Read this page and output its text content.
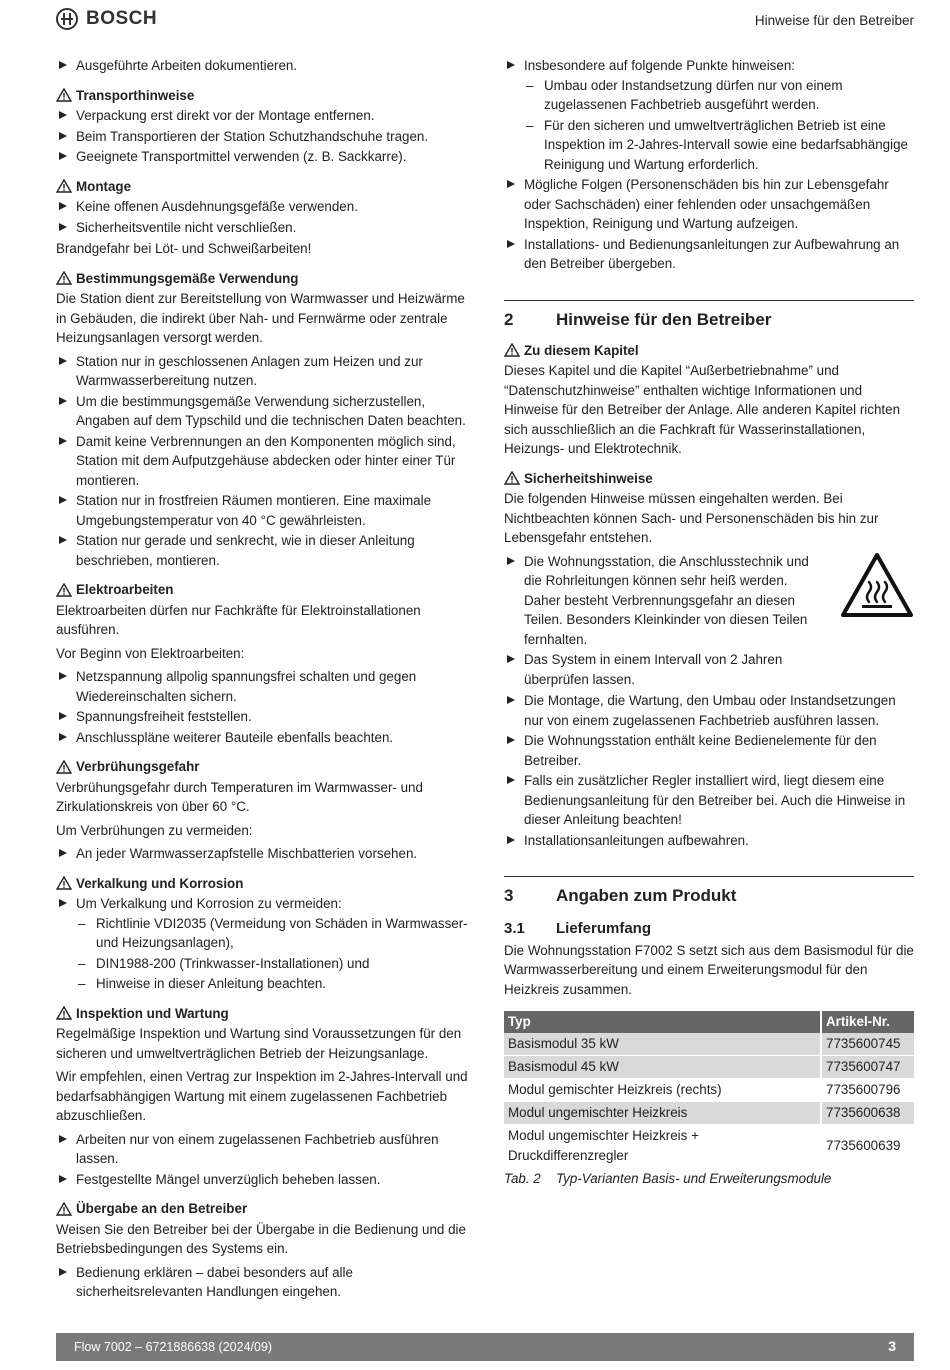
BOSCH	Hinweise für den Betreiber
Ausgeführte Arbeiten dokumentieren.
Transporthinweise
Verpackung erst direkt vor der Montage entfernen.
Beim Transportieren der Station Schutzhandschuhe tragen.
Geeignete Transportmittel verwenden (z. B. Sackkarre).
Montage
Keine offenen Ausdehnungsgefäße verwenden.
Sicherheitsventile nicht verschließen.

Brandgefahr bei Löt- und Schweißarbeiten!

Bestimmungsgemäße Verwendung

Die Station dient zur Bereitstellung von Warmwasser und Heizwärme in Gebäuden, die indirekt über Nah- und Fernwärme oder zentrale Heizungsanlagen versorgt werden.

Station nur in geschlossenen Anlagen zum Heizen und zur Warmwasserbereitung nutzen.
Um die bestimmungsgemäße Verwendung sicherzustellen, Angaben auf dem Typschild und die technischen Daten beachten.
Damit keine Verbrennungen an den Komponenten möglich sind, Station mit dem Aufputzgehäuse abdecken oder hinter einer Tür montieren.
Station nur in frostfreien Räumen montieren. Eine maximale Umgebungstemperatur von 40 °C gewährleisten.
Station nur gerade und senkrecht, wie in dieser Anleitung beschrieben, montieren.
Elektroarbeiten

Elektroarbeiten dürfen nur Fachkräfte für Elektroinstallationen ausführen.

Vor Beginn von Elektroarbeiten:

Netzspannung allpolig spannungsfrei schalten und gegen Wiedereinschalten sichern.
Spannungsfreiheit feststellen.
Anschlusspläne weiterer Bauteile ebenfalls beachten.
Verbrühungsgefahr

Verbrühungsgefahr durch Temperaturen im Warmwasser- und Zirkulationskreis von über 60 °C.

Um Verbrühungen zu vermeiden:

An jeder Warmwasserzapfstelle Mischbatterien vorsehen.
Verkalkung und Korrosion
Um Verkalkung und Korrosion zu vermeiden:
– Richtlinie VDI2035 (Vermeidung von Schäden in Warmwasser- und Heizungsanlagen),
– DIN1988-200 (Trinkwasser-Installationen) und
– Hinweise in dieser Anleitung beachten.
Inspektion und Wartung

Regelmäßige Inspektion und Wartung sind Voraussetzungen für den sicheren und umweltverträglichen Betrieb der Heizungsanlage.

Wir empfehlen, einen Vertrag zur Inspektion im 2-Jahres-Intervall und bedarfsabhängigen Wartung mit einem zugelassenen Fachbetrieb abzuschließen.

Arbeiten nur von einem zugelassenen Fachbetrieb ausführen lassen.
Festgestellte Mängel unverzüglich beheben lassen.
Übergabe an den Betreiber

Weisen Sie den Betreiber bei der Übergabe in die Bedienung und die Betriebsbedingungen des Systems ein.

Bedienung erklären – dabei besonders auf alle sicherheitsrelevanten Handlungen eingehen.
Insbesondere auf folgende Punkte hinweisen:
– Umbau oder Instandsetzung dürfen nur von einem zugelassenen Fachbetrieb ausgeführt werden.
– Für den sicheren und umweltverträglichen Betrieb ist eine Inspektion im 2-Jahres-Intervall sowie eine bedarfsabhängige Reinigung und Wartung erforderlich.
Mögliche Folgen (Personenschäden bis hin zur Lebensgefahr oder Sachschäden) einer fehlenden oder unsachgemäßen Inspektion, Reinigung und Wartung aufzeigen.
Installations- und Bedienungsanleitungen zur Aufbewahrung an den Betreiber übergeben.
2	Hinweise für den Betreiber
Zu diesem Kapitel

Dieses Kapitel und die Kapitel “Außerbetriebnahme” und “Datenschutzhinweise” enthalten wichtige Informationen und Hinweise für den Betreiber der Anlage. Alle anderen Kapitel richten sich ausschließlich an die Fachkraft für Wasserinstallationen, Heizungs- und Elektrotechnik.

Sicherheitshinweise

Die folgenden Hinweise müssen eingehalten werden. Bei Nichtbeachten können Sach- und Personenschäden bis hin zur Lebensgefahr entstehen.

Die Wohnungsstation, die Anschlusstechnik und die Rohrleitungen können sehr heiß werden. Daher besteht Verbrennungsgefahr an diesen Teilen. Besonders Kleinkinder von diesen Teilen fernhalten.
Das System in einem Intervall von 2 Jahren überprüfen lassen.
Die Montage, die Wartung, den Umbau oder Instandsetzungen nur von einem zugelassenen Fachbetrieb ausführen lassen.
Die Wohnungsstation enthält keine Bedienelemente für den Betreiber.
Falls ein zusätzlicher Regler installiert wird, liegt diesem eine Bedienungsanleitung für den Betreiber bei. Auch die Hinweise in dieser Anleitung beachten!
Installationsanleitungen aufbewahren.
3	Angaben zum Produkt
3.1	Lieferumfang

Die Wohnungsstation F7002 S setzt sich aus dem Basismodul für die Warmwasserbereitung und einem Erweiterungsmodul für den Heizkreis zusammen.

Typ	Artikel-Nr.
Basismodul 35 kW	7735600745
Basismodul 45 kW	7735600747
Modul gemischter Heizkreis (rechts)	7735600796
Modul ungemischter Heizkreis	7735600638
Modul ungemischter Heizkreis + Druckdifferenzregler	7735600639
Tab. 2	Typ-Varianten Basis- und Erweiterungsmodule
Flow 7002 – 6721886638 (2024/09)	3
